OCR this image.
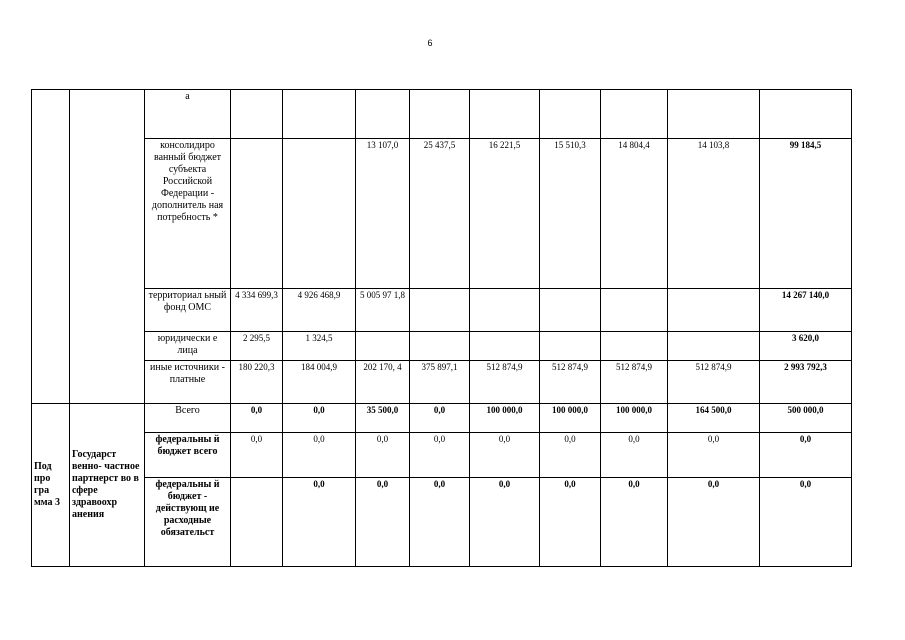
6
		а									
		консолидиро ванный бюджет субъекта Российской Федерации - дополнитель ная потребность *			13 107,0	25 437,5	16 221,5	15 510,3	14 804,4	14 103,8	99 184,5
		территориал ьный фонд ОМС	4 334 699,3	4 926 468,9	5 005 97 1,8						14 267 140,0
		юридически е лица	2 295,5	1 324,5							3 620,0
		иные источники - платные	180 220,3	184 004,9	202 170, 4	375 897,1	512 874,9	512 874,9	512 874,9	512 874,9	2 993 792,3
Под про гра мма 3	Государст венно- частное партнерст во в сфере здравоохр анения	Всего	0,0	0,0	35 500,0	0,0	100 000,0	100 000,0	100 000,0	164 500,0	500 000,0
		федеральны й бюджет всего	0,0	0,0	0,0	0,0	0,0	0,0	0,0	0,0	0,0
		федеральны й бюджет - действующ ие расходные обязательст		0,0	0,0	0,0	0,0	0,0	0,0	0,0	0,0
